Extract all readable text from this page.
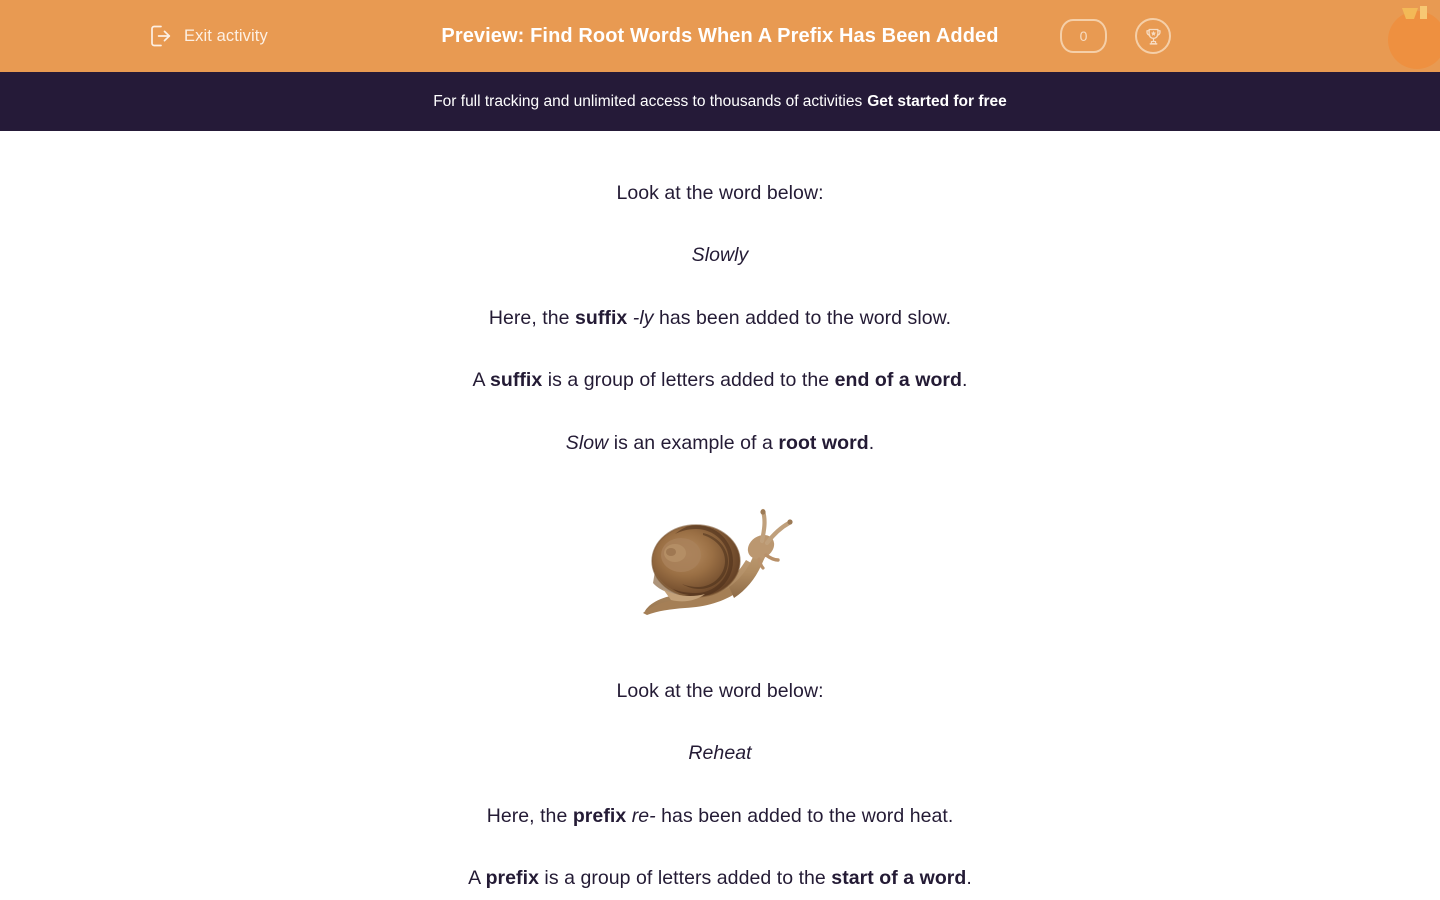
Exit activity	Preview: Find Root Words When A Prefix Has Been Added	0
For full tracking and unlimited access to thousands of activities Get started for free

Look at the word below:

Slowly

Here, the suffix -ly has been added to the word slow.

A suffix is a group of letters added to the end of a word.

Slow is an example of a root word.

Look at the word below:

Reheat

Here, the prefix re- has been added to the word heat.

A prefix is a group of letters added to the start of a word.
